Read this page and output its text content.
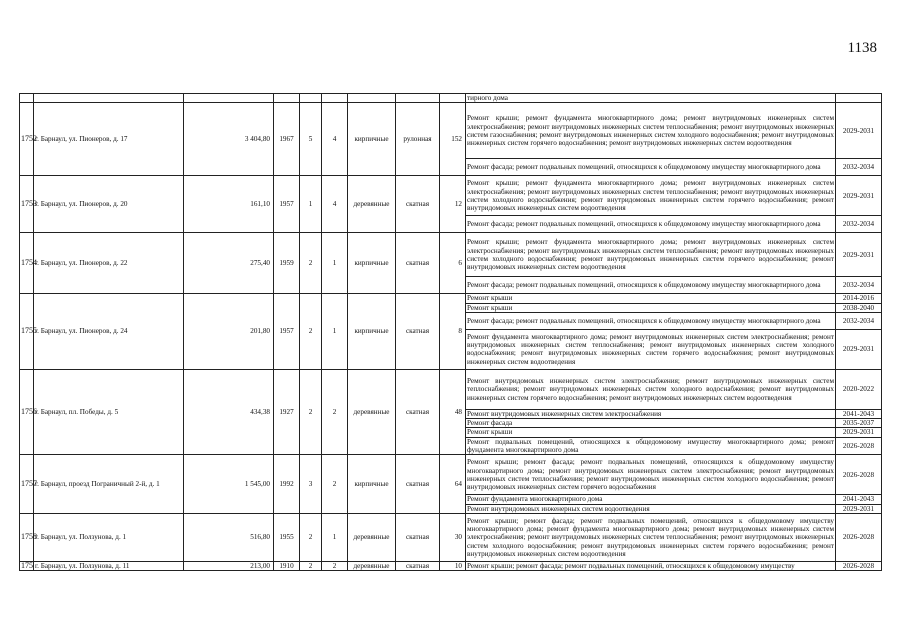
1138
									тирного дома	
1752	г. Барнаул, ул. Пионеров, д. 17	3 404,80	1967	5	4	кирпичные	рулонная	152	Ремонт крыши; ремонт фундамента многоквартирного дома; ремонт внутридомовых инженерных систем электроснабжения; ремонт внутридомовых инженерных систем теплоснабжения; ремонт внутридомовых инженерных систем газоснабжения; ремонт внутридомовых инженерных систем холодного водоснабжения; ремонт внутридомовых инженерных систем горячего водоснабжения; ремонт внутридомовых инженерных систем водоотведения	2029-2031
									Ремонт фасада; ремонт подвальных помещений, относящихся к общедомовому имуществу многоквартирного дома	2032-2034
1753	г. Барнаул, ул. Пионеров, д. 20	161,10	1957	1	4	деревянные	скатная	12	Ремонт крыши; ремонт фундамента многоквартирного дома; ремонт внутридомовых инженерных систем электроснабжения; ремонт внутридомовых инженерных систем теплоснабжения; ремонт внутридомовых инженерных систем холодного водоснабжения; ремонт внутридомовых инженерных систем горячего водоснабжения; ремонт внутридомовых инженерных систем водоотведения	2029-2031
									Ремонт фасада; ремонт подвальных помещений, относящихся к общедомовому имуществу многоквартирного дома	2032-2034
1754	г. Барнаул, ул. Пионеров, д. 22	275,40	1959	2	1	кирпичные	скатная	6	Ремонт крыши; ремонт фундамента многоквартирного дома; ремонт внутридомовых инженерных систем электроснабжения; ремонт внутридомовых инженерных систем теплоснабжения; ремонт внутридомовых инженерных систем холодного водоснабжения; ремонт внутридомовых инженерных систем горячего водоснабжения; ремонт внутридомовых инженерных систем водоотведения	2029-2031
									Ремонт фасада; ремонт подвальных помещений, относящихся к общедомовому имуществу многоквартирного дома	2032-2034
1755	г. Барнаул, ул. Пионеров, д. 24	201,80	1957	2	1	кирпичные	скатная	8	Ремонт крыши	2014-2016
									Ремонт крыши	2038-2040
									Ремонт фасада; ремонт подвальных помещений, относящихся к общедомовому имуществу многоквартирного дома	2032-2034
									Ремонт фундамента многоквартирного дома; ремонт внутридомовых инженерных систем электроснабжения; ремонт внутридомовых инженерных систем теплоснабжения; ремонт внутридомовых инженерных систем холодного водоснабжения; ремонт внутридомовых инженерных систем горячего водоснабжения; ремонт внутридомовых инженерных систем водоотведения	2029-2031
1756	г. Барнаул, пл. Победы, д. 5	434,38	1927	2	2	деревянные	скатная	48	Ремонт внутридомовых инженерных систем электроснабжения; ремонт внутридомовых инженерных систем теплоснабжения; ремонт внутридомовых инженерных систем холодного водоснабжения; ремонт внутридомовых инженерных систем горячего водоснабжения; ремонт внутридомовых инженерных систем водоотведения	2020-2022
									Ремонт внутридомовых инженерных систем электроснабжения	2041-2043
									Ремонт фасада	2035-2037
									Ремонт крыши	2029-2031
									Ремонт подвальных помещений, относящихся к общедомовому имуществу многоквартирного дома; ремонт фундамента многоквартирного дома	2026-2028
1757	г. Барнаул, проезд Пограничный 2-й, д. 1	1 545,00	1992	3	2	кирпичные	скатная	64	Ремонт крыши; ремонт фасада; ремонт подвальных помещений, относящихся к общедомовому имуществу многоквартирного дома; ремонт внутридомовых инженерных систем электроснабжения; ремонт внутридомовых инженерных систем теплоснабжения; ремонт внутридомовых инженерных систем холодного водоснабжения; ремонт внутридомовых инженерных систем горячего водоснабжения	2026-2028
									Ремонт фундамента многоквартирного дома	2041-2043
									Ремонт внутридомовых инженерных систем водоотведения	2029-2031
1758	г. Барнаул, ул. Ползунова, д. 1	516,80	1955	2	1	деревянные	скатная	30	Ремонт крыши; ремонт фасада; ремонт подвальных помещений, относящихся к общедомовому имуществу многоквартирного дома; ремонт фундамента многоквартирного дома; ремонт внутридомовых инженерных систем электроснабжения; ремонт внутридомовых инженерных систем теплоснабжения; ремонт внутридомовых инженерных систем холодного водоснабжения; ремонт внутридомовых инженерных систем горячего водоснабжения; ремонт внутридомовых инженерных систем водоотведения	2026-2028
175	г. Барнаул, ул. Ползунова, д. 11	213,00	1910	2	2	деревянные	скатная	10	Ремонт крыши; ремонт фасада; ремонт подвальных помещений, относящихся к общедомовому имуществу	2026-2028
